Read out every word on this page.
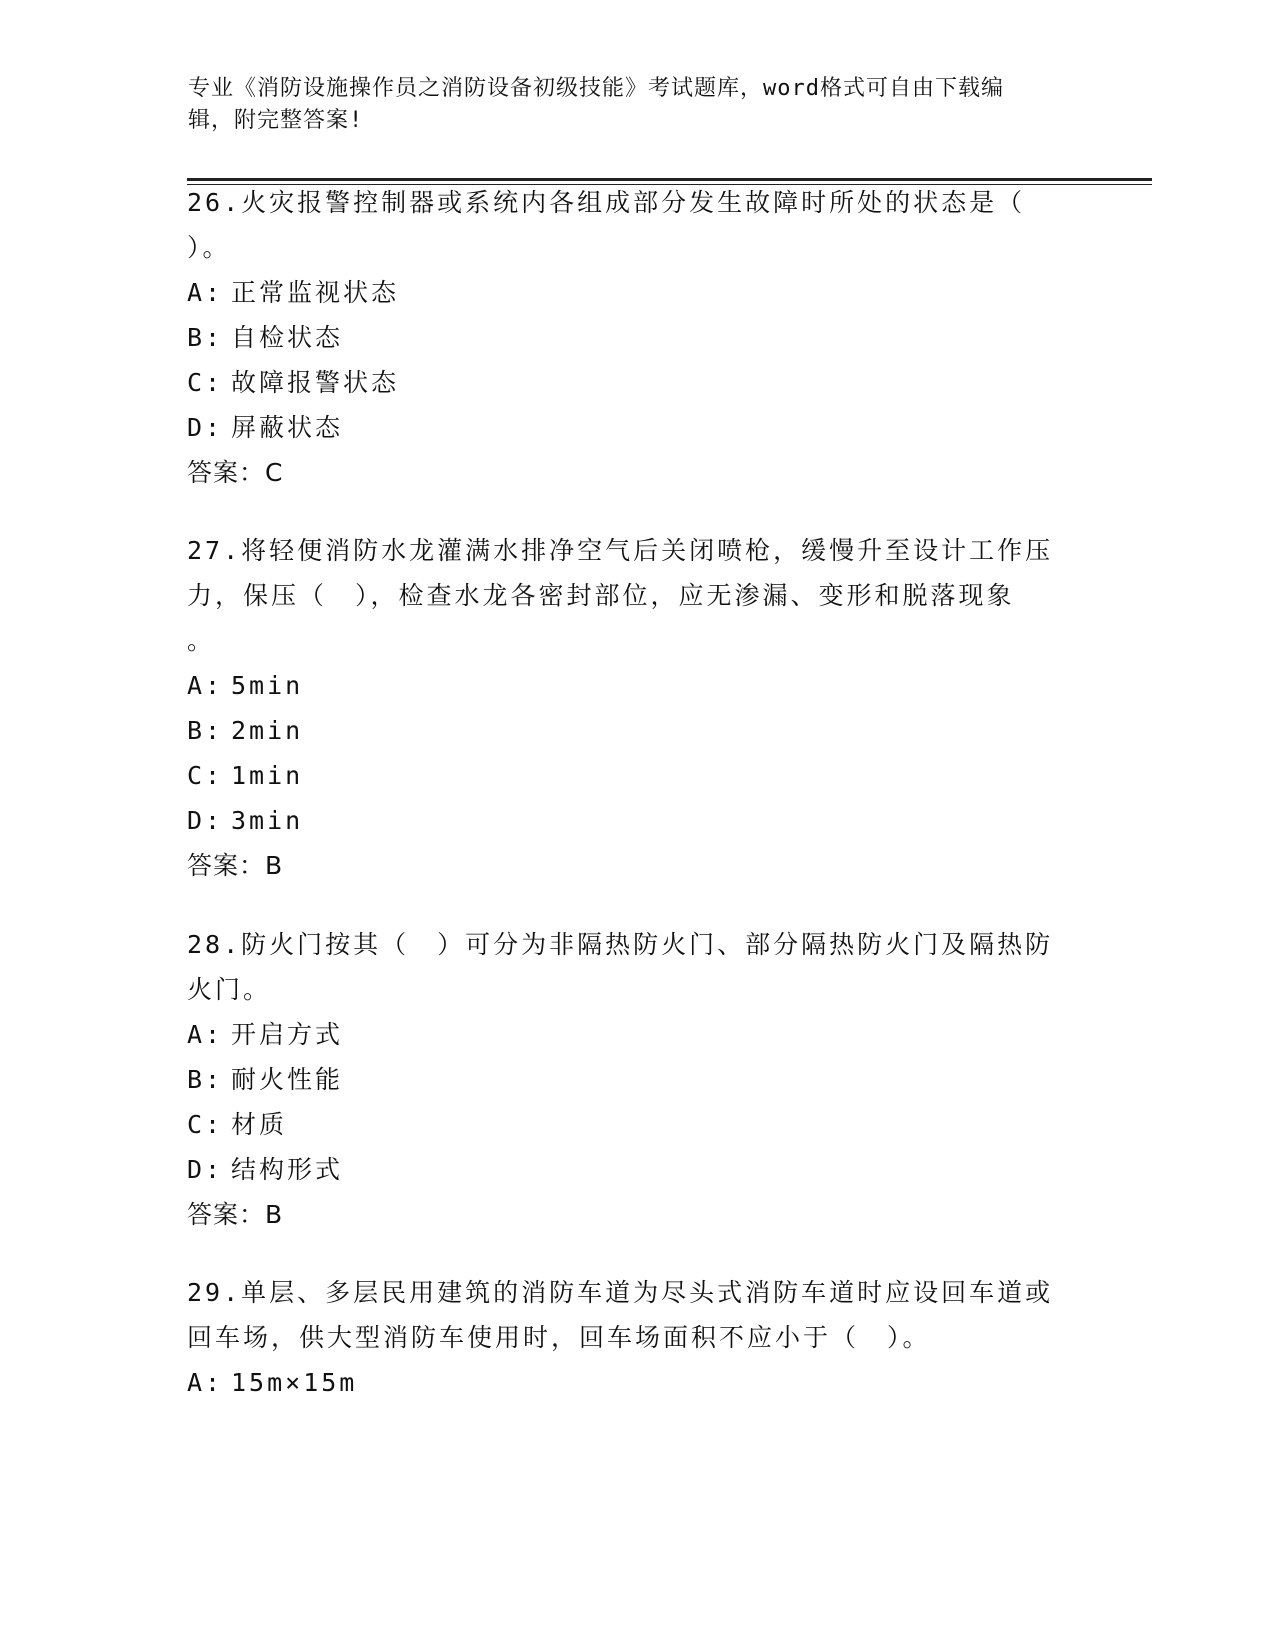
专业《消防设施操作员之消防设备初级技能》考试题库，word格式可自由下载编
辑，附完整答案!
26.火灾报警控制器或系统内各组成部分发生故障时所处的状态是（
）。
A: 正常监视状态
B: 自检状态
C: 故障报警状态
D: 屏蔽状态
答案：C
27.将轻便消防水龙灌满水排净空气后关闭喷枪，缓慢升至设计工作压
力，保压（　），检查水龙各密封部位，应无渗漏、变形和脱落现象
。
A: 5min
B: 2min
C: 1min
D: 3min
答案：B
28.防火门按其（　）可分为非隔热防火门、部分隔热防火门及隔热防
火门。
A: 开启方式
B: 耐火性能
C: 材质
D: 结构形式
答案：B
29.单层、多层民用建筑的消防车道为尽头式消防车道时应设回车道或
回车场，供大型消防车使用时，回车场面积不应小于（　）。
A: 15m×15m
